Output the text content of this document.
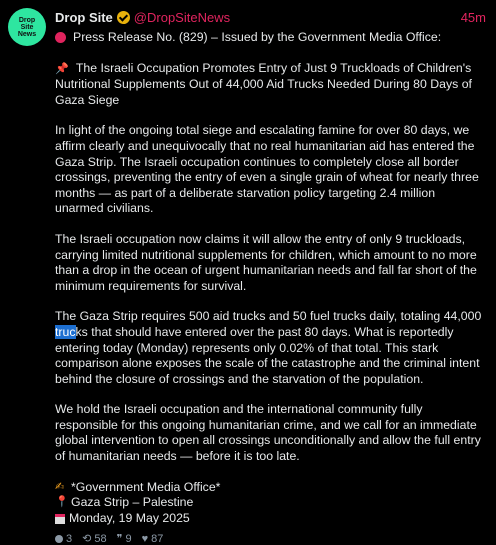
Drop
Site
News
Drop Site @DropSiteNews	45m
Press Release No. (829) – Issued by the Government Media Office:

📌 The Israeli Occupation Promotes Entry of Just 9 Truckloads of Children's Nutritional Supplements Out of 44,000 Aid Trucks Needed During 80 Days of Gaza Siege

In light of the ongoing total siege and escalating famine for over 80 days, we affirm clearly and unequivocally that no real humanitarian aid has entered the Gaza Strip. The Israeli occupation continues to completely close all border crossings, preventing the entry of even a single grain of wheat for nearly three months — as part of a deliberate starvation policy targeting 2.4 million unarmed civilians.

The Israeli occupation now claims it will allow the entry of only 9 truckloads, carrying limited nutritional supplements for children, which amount to no more than a drop in the ocean of urgent humanitarian needs and fall far short of the minimum requirements for survival.

The Gaza Strip requires 500 aid trucks and 50 fuel trucks daily, totaling 44,000 trucks that should have entered over the past 80 days. What is reportedly entering today (Monday) represents only 0.02% of that total. This stark comparison alone exposes the scale of the catastrophe and the criminal intent behind the closure of crossings and the starvation of the population.

We hold the Israeli occupation and the international community fully responsible for this ongoing humanitarian crime, and we call for an immediate global intervention to open all crossings unconditionally and allow the full entry of humanitarian needs — before it is too late.

✍ *Government Media Office*
📍 Gaza Strip – Palestine
Monday, 19 May 2025
3 ⟲ 58 ❞ 9 ♥ 87
